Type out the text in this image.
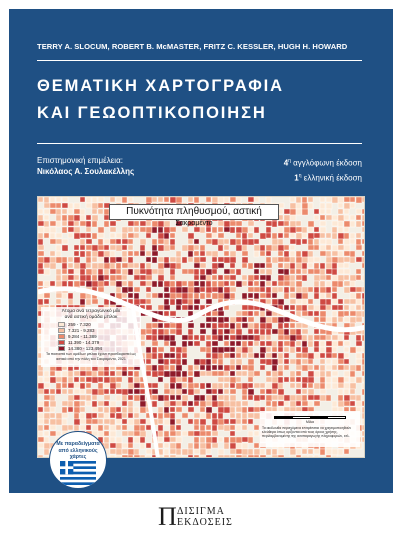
TERRY A. SLOCUM, ROBERT B. McMASTER, FRITZ C. KESSLER, HUGH H. HOWARD
ΘΕΜΑΤΙΚΗ ΧΑΡΤΟΓΡΑΦΙΑ
ΚΑΙ ΓΕΩΟΠΤΙΚΟΠΟΙΗΣΗ
Επιστημονική επιμέλεια:
Νικόλαος Α. Σουλακέλλης
$4^\eta$ αγγλόφωνη έκδοση
$1^\eta$ ελληνική έκδοση
Πυκνότητα πληθυσμού, αστική
Σακραμέντο
Άτομα ανά τετραγωνικό μίλι
ανά αστική ομάδα μπλοκ
259 - 7.320
7.321 - 9.283
9.284 - 11.389
11.390 - 14.379
14.380 - 123.494
Τα ποσοστά των ομάδων μπλοκ έχουν προσδιοριστεί ως αστικά από την πόλη του Σακραμέντο, 2021
Μίλια
Τα ακόλουθα περιεχόμενα επιτρέπεται να χρησιμοποιηθούν ελεύθερα όπως ορίζονται από τους όρους χρήσης, περιλαμβανομένης της αναπαραγωγής πληροφοριών, κτλ.
Με παραδείγματα
από ελληνικούς χάρτες
Π ΔΙΣΙΓΜΑ
ΕΚΔΟΣΕΙΣ
